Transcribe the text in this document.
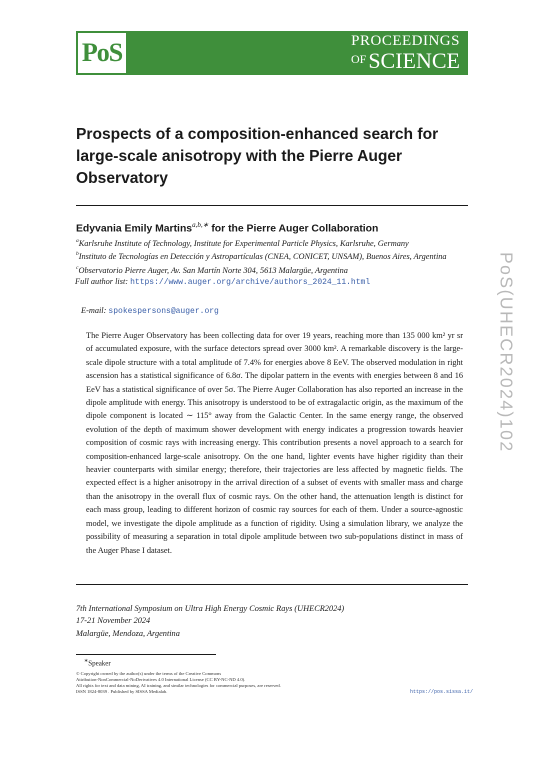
PoS	PROCEEDINGS
$^{OF}$SCIENCE
Prospects of a composition-enhanced search for large-scale anisotropy with the Pierre Auger Observatory
Edyvania Emily Martins$^{a,b,∗}$ for the Pierre Auger Collaboration

$^a$Karlsruhe Institute of Technology, Institute for Experimental Particle Physics, Karlsruhe, Germany

$^b$Instituto de Tecnologías en Detección y Astropartículas (CNEA, CONICET, UNSAM), Buenos Aires, Argentina

$^c$Observatorio Pierre Auger, Av. San Martín Norte 304, 5613 Malargüe, Argentina

Full author list: https://www.auger.org/archive/authors_2024_11.html

E-mail: spokespersons@auger.org

The Pierre Auger Observatory has been collecting data for over 19 years, reaching more than 135 000 km² yr sr of accumulated exposure, with the surface detectors spread over 3000 km². A remarkable discovery is the large-scale dipole structure with a total amplitude of 7.4% for energies above 8 EeV. The observed modulation in right ascension has a statistical significance of 6.8σ. The dipolar pattern in the events with energies between 8 and 16 EeV has a statistical significance of over 5σ. The Pierre Auger Collaboration has also reported an increase in the dipole amplitude with energy. This anisotropy is understood to be of extragalactic origin, as the maximum of the dipole component is located ∼ 115° away from the Galactic Center. In the same energy range, the observed evolution of the depth of maximum shower development with energy indicates a progression towards heavier composition of cosmic rays with increasing energy. This contribution presents a novel approach to a search for composition-enhanced large-scale anisotropy. On the one hand, lighter events have higher rigidity than their heavier counterparts with similar energy; therefore, their trajectories are less affected by magnetic fields. The expected effect is a higher anisotropy in the arrival direction of a subset of events with smaller mass and charge than the anisotropy in the overall flux of cosmic rays. On the other hand, the attenuation length is distinct for each mass group, leading to different horizon of cosmic ray sources for each of them. Under a source-agnostic model, we investigate the dipole amplitude as a function of rigidity. Using a simulation library, we analyze the possibility of measuring a separation in total dipole amplitude between two sub-populations distinct in mass of the Auger Phase I dataset.

7th International Symposium on Ultra High Energy Cosmic Rays (UHECR2024)
17-21 November 2024
Malargüe, Mendoza, Argentina
∗Speaker
© Copyright owned by the author(s) under the terms of the Creative Commons
Attribution-NonCommercial-NoDerivatives 4.0 International License (CC BY-NC-ND 4.0).
All rights for text and data mining, AI training, and similar technologies for commercial purposes, are reserved.
ISSN 1824-8039 . Published by SISSA Medialab.	https://pos.sissa.it/
PoS(UHECR2024)102
